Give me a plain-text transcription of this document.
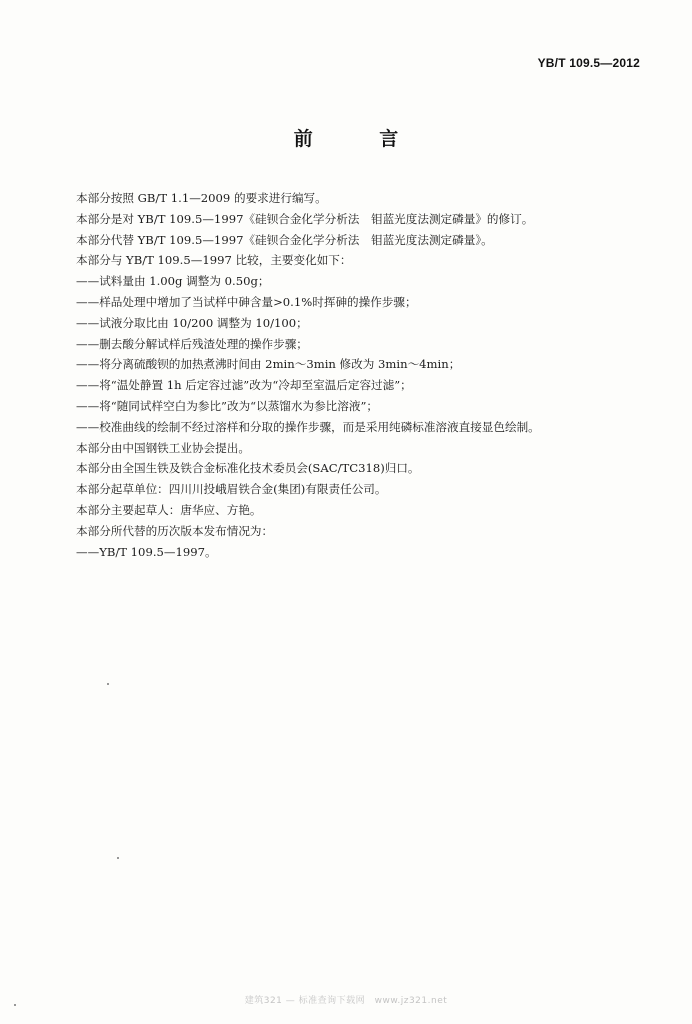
YB/T 109.5—2012
前 言
本部分按照 GB/T 1.1—2009 的要求进行编写。
本部分是对 YB/T 109.5—1997《硅钡合金化学分析法　钼蓝光度法测定磷量》的修订。
本部分代替 YB/T 109.5—1997《硅钡合金化学分析法　钼蓝光度法测定磷量》。
本部分与 YB/T 109.5—1997 比较，主要变化如下：
——试料量由 1.00g 调整为 0.50g；
——样品处理中增加了当试样中砷含量>0.1%时挥砷的操作步骤；
——试液分取比由 10/200 调整为 10/100；
——删去酸分解试样后残渣处理的操作步骤；
——将分离硫酸钡的加热煮沸时间由 2min～3min 修改为 3min～4min；
——将“温处静置 1h 后定容过滤”改为“冷却至室温后定容过滤”；
——将“随同试样空白为参比”改为“以蒸馏水为参比溶液”；
——校准曲线的绘制不经过溶样和分取的操作步骤，而是采用纯磷标准溶液直接显色绘制。
本部分由中国钢铁工业协会提出。
本部分由全国生铁及铁合金标准化技术委员会(SAC/TC318)归口。
本部分起草单位：四川川投峨眉铁合金(集团)有限责任公司。
本部分主要起草人：唐华应、方艳。
本部分所代替的历次版本发布情况为：
——YB/T 109.5—1997。
建筑321 — 标准查询下载网　www.jz321.net
